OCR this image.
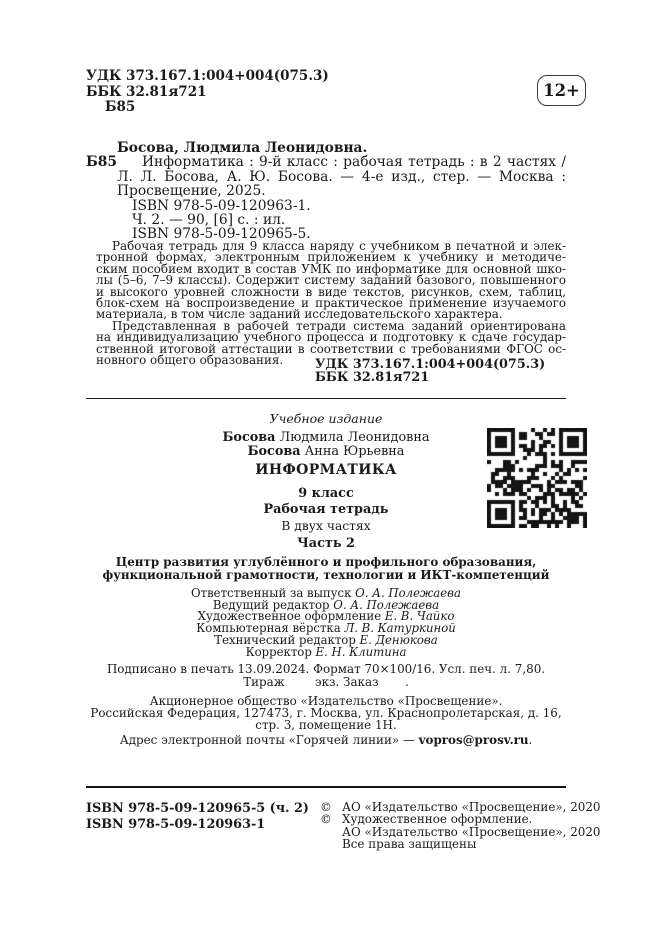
УДК 373.167.1:004+004(075.3)
ББК 32.81я721
Б85
12+
Б85
Босова, Людмила Леонидовна.
Информатика : 9-й класс : рабочая тетрадь : в 2 частях /
Л. Л. Босова, А. Ю. Босова. — 4-е изд., стер. — Москва :
Просвещение, 2025.
ISBN 978-5-09-120963-1.
Ч. 2. — 90, [6] с. : ил.
ISBN 978-5-09-120965-5.
Рабочая тетрадь для 9 класса наряду с учебником в печатной и элек-
тронной формах, электронным приложением к учебнику и методиче-
ским пособием входит в состав УМК по информатике для основной шко-
лы (5–6, 7–9 классы). Содержит систему заданий базового, повышенного
и высокого уровней сложности в виде текстов, рисунков, схем, таблиц,
блок-схем на воспроизведение и практическое применение изучаемого
материала, в том числе заданий исследовательского характера.
Представленная в рабочей тетради система заданий ориентирована
на индивидуализацию учебного процесса и подготовку к сдаче государ-
ственной итоговой аттестации в соответствии с требованиями ФГОС ос-
новного общего образования.	УДК 373.167.1:004+004(075.3)
ББК 32.81я721
Учебное издание
Босова Людмила Леонидовна
Босова Анна Юрьевна
ИНФОРМАТИКА
9 класс
Рабочая тетрадь
В двух частях
Часть 2
Центр развития углублённого и профильного образования,
функциональной грамотности, технологии и ИКТ-компетенций
Ответственный за выпуск О. А. Полежаева
Ведущий редактор О. А. Полежаева
Художественное оформление Е. В. Чайко
Компьютерная вёрстка Л. В. Катуркиной
Технический редактор Е. Денюкова
Корректор Е. Н. Клитина
Подписано в печать 13.09.2024. Формат 70×100/16. Усл. печ. л. 7,80.
Тираж        экз. Заказ       .
Акционерное общество «Издательство «Просвещение».
Российская Федерация, 127473, г. Москва, ул. Краснопролетарская, д. 16,
стр. 3, помещение 1Н.
Адрес электронной почты «Горячей линии» — vopros@prosv.ru.
ISBN 978-5-09-120965-5 (ч. 2)
ISBN 978-5-09-120963-1
© АО «Издательство «Просвещение», 2020
© Художественное оформление.
АО «Издательство «Просвещение», 2020
Все права защищены
